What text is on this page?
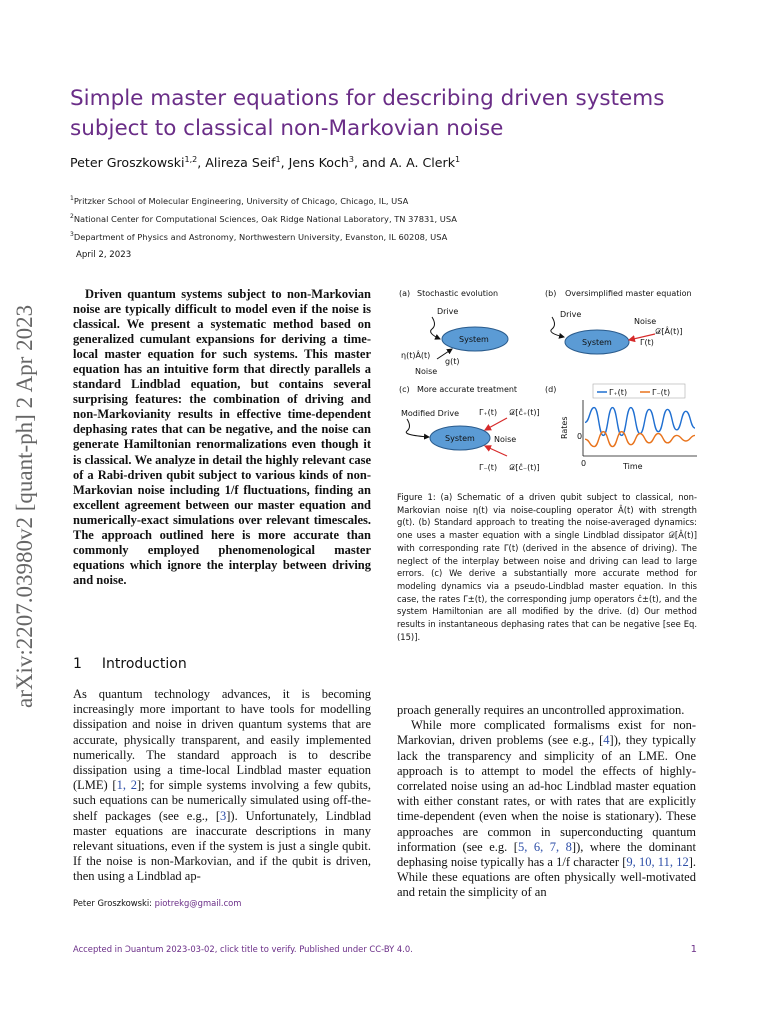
arXiv:2207.03980v2 [quant-ph] 2 Apr 2023
Simple master equations for describing driven systems subject to classical non-Markovian noise
Peter Groszkowski$^{1,2}$, Alireza Seif$^1$, Jens Koch$^3$, and A. A. Clerk$^1$
$^1$Pritzker School of Molecular Engineering, University of Chicago, Chicago, IL, USA
$^2$National Center for Computational Sciences, Oak Ridge National Laboratory, TN 37831, USA
$^3$Department of Physics and Astronomy, Northwestern University, Evanston, IL 60208, USA
April 2, 2023
Driven quantum systems subject to non-Markovian noise are typically difficult to model even if the noise is classical. We present a systematic method based on generalized cumulant expansions for deriving a time-local master equation for such systems. This master equation has an intuitive form that directly parallels a standard Lindblad equation, but contains several surprising features: the combination of driving and non-Markovianity results in effective time-dependent dephasing rates that can be negative, and the noise can generate Hamiltonian renormalizations even though it is classical. We analyze in detail the highly relevant case of a Rabi-driven qubit subject to various kinds of non-Markovian noise including 1/f fluctuations, finding an excellent agreement between our master equation and numerically-exact simulations over relevant timescales. The approach outlined here is more accurate than commonly employed phenomenological master equations which ignore the interplay between driving and noise.
1 Introduction
As quantum technology advances, it is becoming increasingly more important to have tools for modelling dissipation and noise in driven quantum systems that are accurate, physically transparent, and easily implemented numerically. The standard approach is to describe dissipation using a time-local Lindblad master equation (LME) [1, 2]; for simple systems involving a few qubits, such equations can be numerically simulated using off-the-shelf packages (see e.g., [3]). Unfortunately, Lindblad master equations are inaccurate descriptions in many relevant situations, even if the system is just a single qubit. If the noise is non-Markovian, and if the qubit is driven, then using a Lindblad ap-

proach generally requires an uncontrolled approximation.

While more complicated formalisms exist for non-Markovian, driven problems (see e.g., [4]), they typically lack the transparency and simplicity of an LME. One approach is to attempt to model the effects of highly-correlated noise using an ad-hoc Lindblad master equation with either constant rates, or with rates that are explicitly time-dependent (even when the noise is stationary). These approaches are common in superconducting quantum information (see e.g. [5, 6, 7, 8]), where the dominant dephasing noise typically has a 1/f character [9, 10, 11, 12]. While these equations are often physically well-motivated and retain the simplicity of an

Peter Groszkowski: piotrekg@gmail.com
Accepted in Ɔuantum 2023-03-02, click title to verify. Published under CC-BY 4.0.	1
(a) Stochastic evolution
Drive
System
η(t)Â(t)
g(t)
Noise
(b) Oversimplified master equation
Drive
System
Noise
𝒟[Â(t)]
Γ(t)
(c) More accurate treatment
Modified Drive
System
Γ₊(t) 𝒟[ĉ₊(t)]
Noise
Γ₋(t) 𝒟[ĉ₋(t)]
(d)	Γ₊(t)	Γ₋(t)
Rates 0
0	Time
Figure 1: (a) Schematic of a driven qubit subject to classical, non-Markovian noise η(t) via noise-coupling operator Â(t) with strength g(t). (b) Standard approach to treating the noise-averaged dynamics: one uses a master equation with a single Lindblad dissipator 𝒟[Â(t)] with corresponding rate Γ(t) (derived in the absence of driving). The neglect of the interplay between noise and driving can lead to large errors. (c) We derive a substantially more accurate method for modeling dynamics via a pseudo-Lindblad master equation. In this case, the rates Γ±(t), the corresponding jump operators ĉ±(t), and the system Hamiltonian are all modified by the drive. (d) Our method results in instantaneous dephasing rates that can be negative [see Eq. (15)].
